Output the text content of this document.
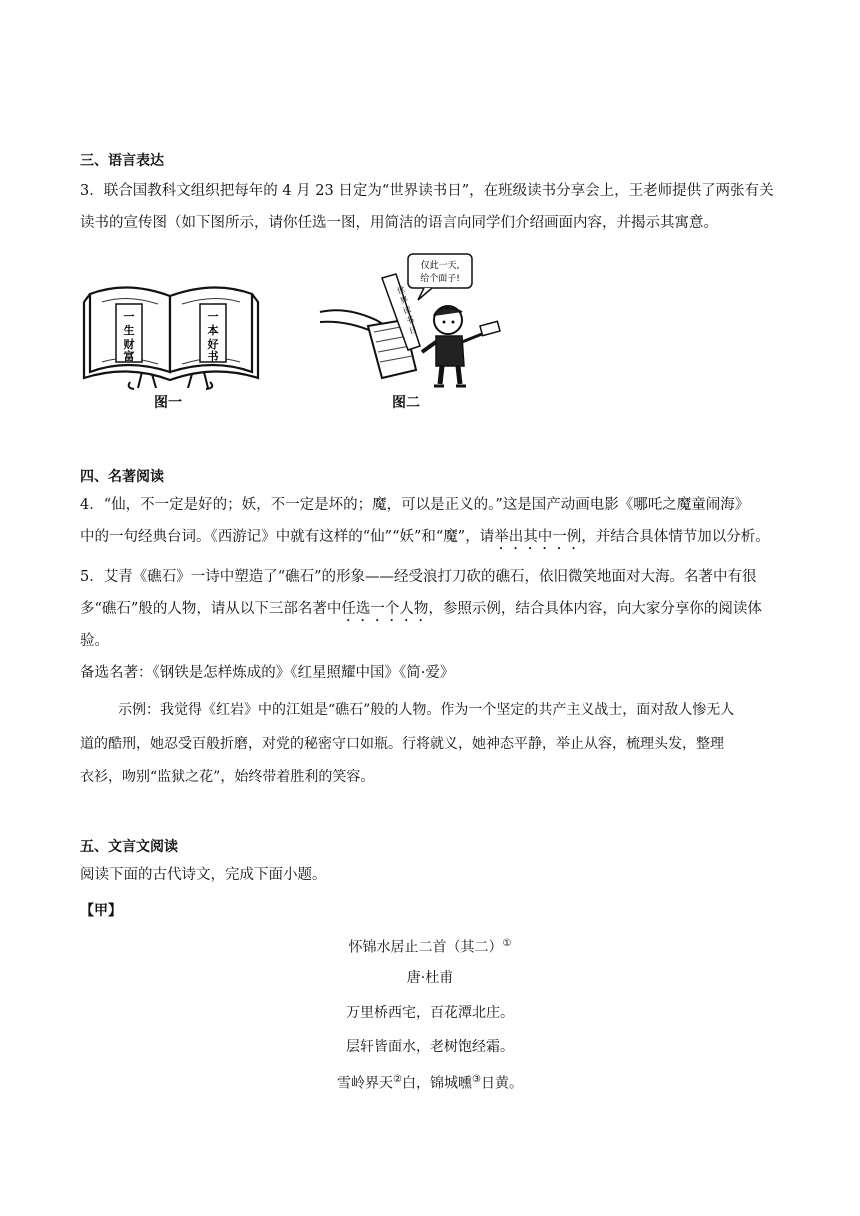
三、语言表达
3．联合国教科文组织把每年的 4 月 23 日定为“世界读书日”，在班级读书分享会上，王老师提供了两张有关
读书的宣传图（如下图所示，请你任选一图，用简洁的语言向同学们介绍画面内容，并揭示其寓意。
一
生
财
富
一
本
好
书
图一
仅此一天,
给个面子!
世
界
读
书
日
图二
四、名著阅读
4．“仙，不一定是好的；妖，不一定是坏的；魔，可以是正义的。”这是国产动画电影《哪吒之魔童闹海》
中的一句经典台词。《西游记》中就有这样的“仙”“妖”和“魔”，请举出其中一例，并结合具体情节加以分析。
5．艾青《礁石》一诗中塑造了“礁石”的形象——经受浪打刀砍的礁石，依旧微笑地面对大海。名著中有很
多“礁石”般的人物，请从以下三部名著中任选一个人物，参照示例，结合具体内容，向大家分享你的阅读体
验。
备选名著：《钢铁是怎样炼成的》《红星照耀中国》《简·爱》
示例：我觉得《红岩》中的江姐是“礁石”般的人物。作为一个坚定的共产主义战士，面对敌人惨无人
道的酷刑，她忍受百般折磨，对党的秘密守口如瓶。行将就义，她神态平静，举止从容，梳理头发，整理
衣衫，吻别“监狱之花”，始终带着胜利的笑容。
五、文言文阅读
阅读下面的古代诗文，完成下面小题。
【甲】
怀锦水居止二首（其二）①
唐·杜甫
万里桥西宅，百花潭北庄。
层轩皆面水，老树饱经霜。
雪岭界天②白，锦城曛③日黄。
